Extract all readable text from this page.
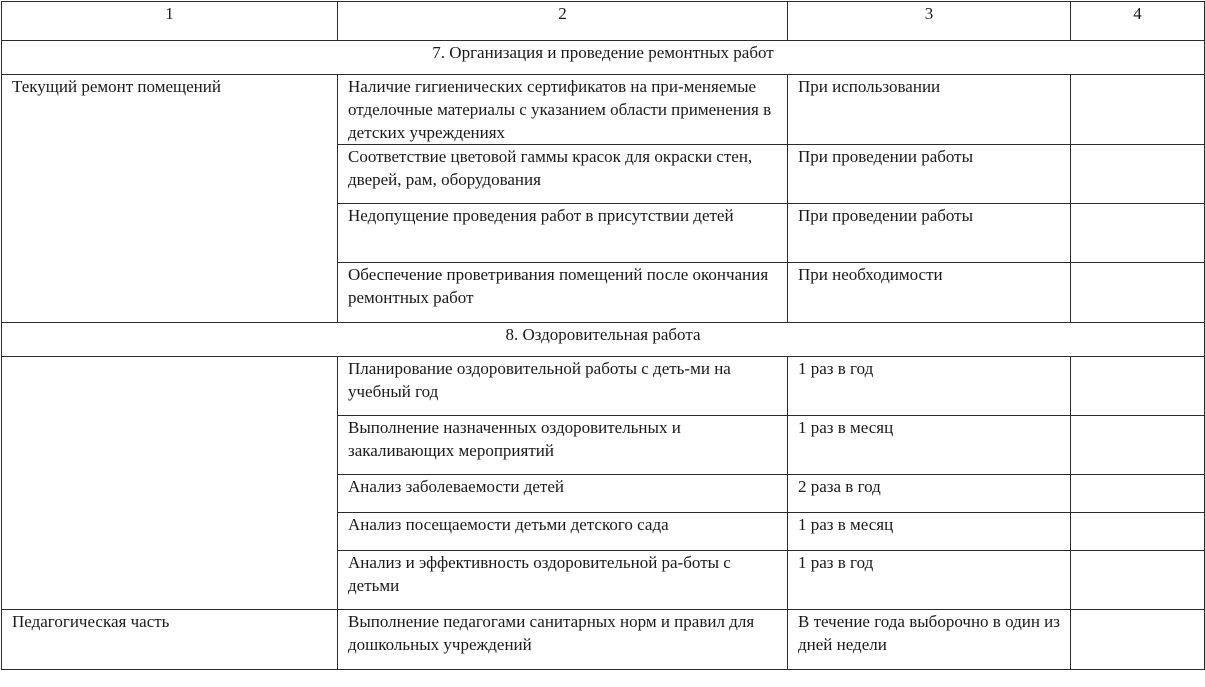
1	2	3	4
7. Организация и проведение ремонтных работ			
Текущий ремонт помещений	Наличие гигиенических сертификатов на при-меняемые отделочные материалы с указанием области применения в детских учреждениях	При использовании	
	Соответствие цветовой гаммы красок для окраски стен, дверей, рам, оборудования	При проведении работы	
	Недопущение проведения работ в присутствии детей	При проведении работы	
	Обеспечение проветривания помещений после окончания ремонтных работ	При необходимости	
8. Оздоровительная работа			
	Планирование оздоровительной работы с деть-ми на учебный год	1 раз в год	
	Выполнение назначенных оздоровительных и закаливающих мероприятий	1 раз в месяц	
	Анализ заболеваемости детей	2 раза в год	
	Анализ посещаемости детьми детского сада	1 раз в месяц	
	Анализ и эффективность оздоровительной ра-боты с детьми	1 раз в год	
Педагогическая часть	Выполнение педагогами санитарных норм и правил для дошкольных учреждений	В течение года выборочно в один из дней недели	
